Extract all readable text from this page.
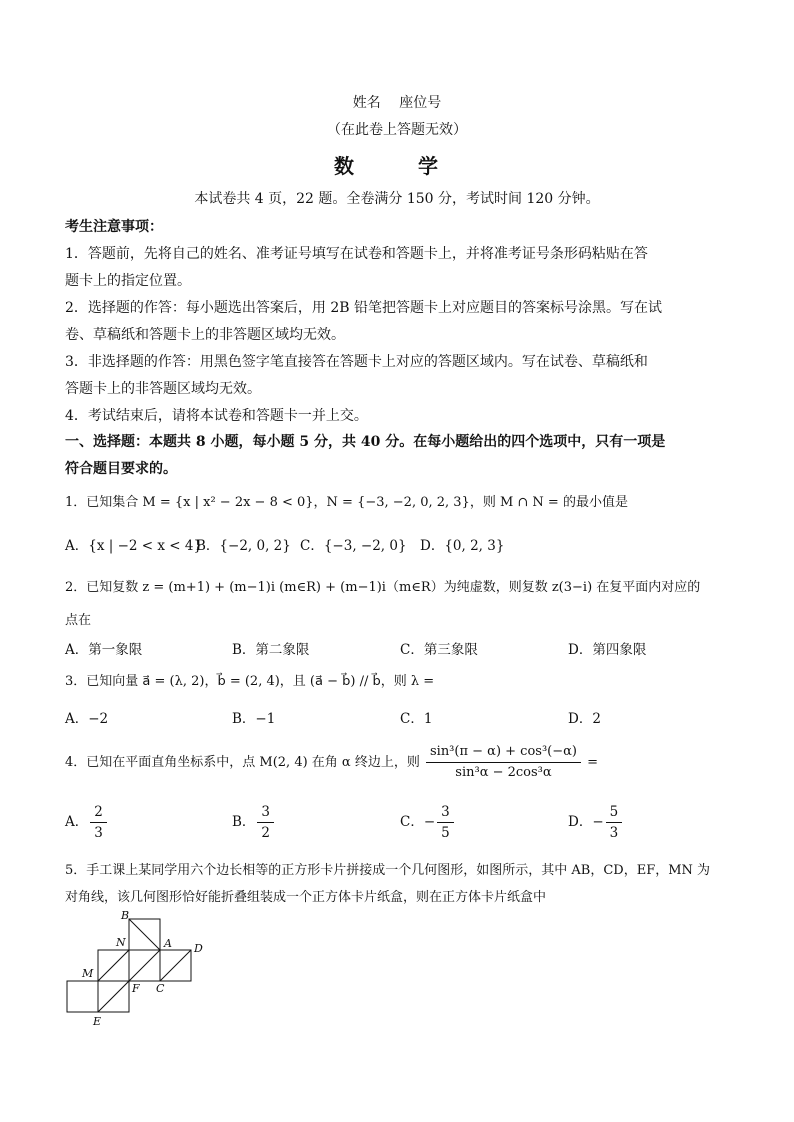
姓名　 座位号
（在此卷上答题无效）
数　学
本试卷共 4 页，22 题。全卷满分 150 分，考试时间 120 分钟。
考生注意事项：
1．答题前，先将自己的姓名、准考证号填写在试卷和答题卡上，并将准考证号条形码粘贴在答
题卡上的指定位置。
2．选择题的作答：每小题选出答案后，用 2B 铅笔把答题卡上对应题目的答案标号涂黑。写在试
卷、草稿纸和答题卡上的非答题区域均无效。
3．非选择题的作答：用黑色签字笔直接答在答题卡上对应的答题区域内。写在试卷、草稿纸和
答题卡上的非答题区域均无效。
4．考试结束后，请将本试卷和答题卡一并上交。
一、选择题：本题共 8 小题，每小题 5 分，共 40 分。在每小题给出的四个选项中，只有一项是
符合题目要求的。
1．已知集合 M = {x | x² − 2x − 8 < 0}，N = {−3, −2, 0, 2, 3}，则 M ∩ N = 的最小值是
A．{x | −2 < x < 4}
B．{−2, 0, 2} C．{−3, −2, 0} D．{0, 2, 3}
2．已知复数 z = (m+1) + (m−1)i (m∈R) + (m−1)i（m∈R）为纯虚数，则复数 z(3−i) 在复平面内对应的
点在
A．第一象限	B．第二象限	C．第三象限	D．第四象限
3．已知向量 a⃗ = (λ, 2)，b⃗ = (2, 4)，且 (a⃗ − b⃗) // b⃗，则 λ =
A．−2	B．−1	C．1	D．2
4．已知在平面直角坐标系中，点 M(2, 4) 在角 α 终边上，则 $\frac{\text{sin³(π − α) + cos³(−α)}}{\text{sin³α − 2cos³α}}$ =
A． $\frac{2}{3}$	B． $\frac{3}{2}$	C．− $\frac{3}{5}$	D．− $\frac{5}{3}$
5．手工课上某同学用六个边长相等的正方形卡片拼接成一个几何图形，如图所示，其中 AB，CD，EF，MN 为
对角线，该几何图形恰好能折叠组装成一个正方体卡片纸盒，则在正方体卡片纸盒中
B
N	A D
M
F C
E
